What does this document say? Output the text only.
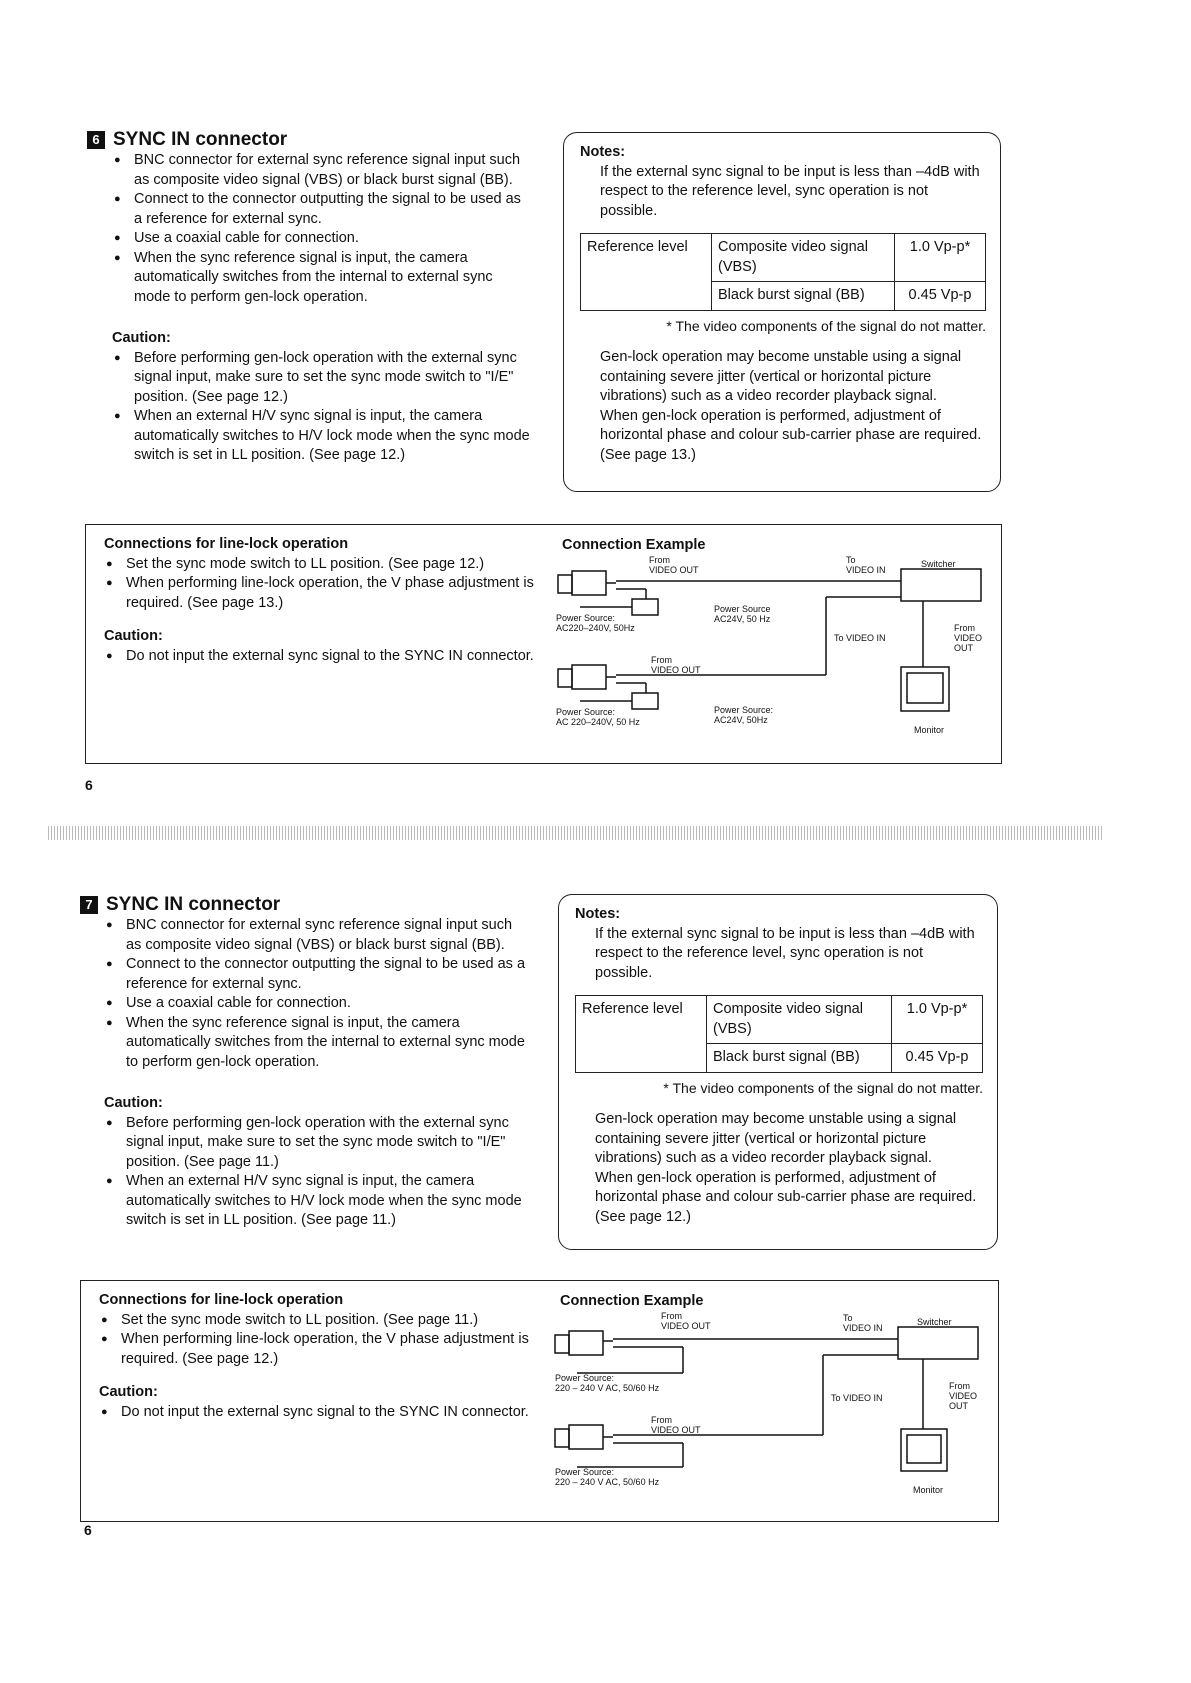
6 SYNC IN connector
● BNC connector for external sync reference signal input such as composite video signal (VBS) or black burst signal (BB).
● Connect to the connector outputting the signal to be used as a reference for external sync.
● Use a coaxial cable for connection.
● When the sync reference signal is input, the camera automatically switches from the internal to external sync mode to perform gen-lock operation.
Caution:
● Before performing gen-lock operation with the external sync signal input, make sure to set the sync mode switch to "I/E" position. (See page 12.)
● When an external H/V sync signal is input, the camera automatically switches to H/V lock mode when the sync mode switch is set in LL position. (See page 12.)
Notes:
If the external sync signal to be input is less than –4dB with respect to the reference level, sync operation is not possible.
Reference level	Composite video signal (VBS)	1.0 Vp-p*
	Black burst signal (BB)	0.45 Vp-p
* The video components of the signal do not matter.
Gen-lock operation may become unstable using a signal containing severe jitter (vertical or horizontal picture vibrations) such as a video recorder playback signal.
When gen-lock operation is performed, adjustment of horizontal phase and colour sub-carrier phase are required. (See page 13.)
Connections for line-lock operation
● Set the sync mode switch to LL position. (See page 12.)
● When performing line-lock operation, the V phase adjustment is required. (See page 13.)
Caution:
● Do not input the external sync signal to the SYNC IN connector.
Connection Example
From
VIDEO OUT
To
VIDEO IN
Switcher
Power Source:
AC220–240V, 50Hz
Power Source
AC24V, 50 Hz
To VIDEO IN
From VIDEO OUT
From
VIDEO OUT
Power Source:
AC 220–240V, 50 Hz
Power Source:
AC24V, 50Hz
Monitor
6
7 SYNC IN connector
● BNC connector for external sync reference signal input such as composite video signal (VBS) or black burst signal (BB).
● Connect to the connector outputting the signal to be used as a reference for external sync.
● Use a coaxial cable for connection.
● When the sync reference signal is input, the camera automatically switches from the internal to external sync mode to perform gen-lock operation.
Caution:
● Before performing gen-lock operation with the external sync signal input, make sure to set the sync mode switch to "I/E" position. (See page 11.)
● When an external H/V sync signal is input, the camera automatically switches to H/V lock mode when the sync mode switch is set in LL position. (See page 11.)
Notes:
If the external sync signal to be input is less than –4dB with respect to the reference level, sync operation is not possible.
Reference level	Composite video signal (VBS)	1.0 Vp-p*
	Black burst signal (BB)	0.45 Vp-p
* The video components of the signal do not matter.
Gen-lock operation may become unstable using a signal containing severe jitter (vertical or horizontal picture vibrations) such as a video recorder playback signal.
When gen-lock operation is performed, adjustment of horizontal phase and colour sub-carrier phase are required. (See page 12.)
Connections for line-lock operation
● Set the sync mode switch to LL position. (See page 11.)
● When performing line-lock operation, the V phase adjustment is required. (See page 12.)
Caution:
● Do not input the external sync signal to the SYNC IN connector.
Connection Example
From
VIDEO OUT
To
VIDEO IN
Switcher
Power Source:
220 – 240 V AC, 50/60 Hz
To VIDEO IN
From VIDEO OUT
From
VIDEO OUT
Power Source:
220 – 240 V AC, 50/60 Hz
Monitor
6
